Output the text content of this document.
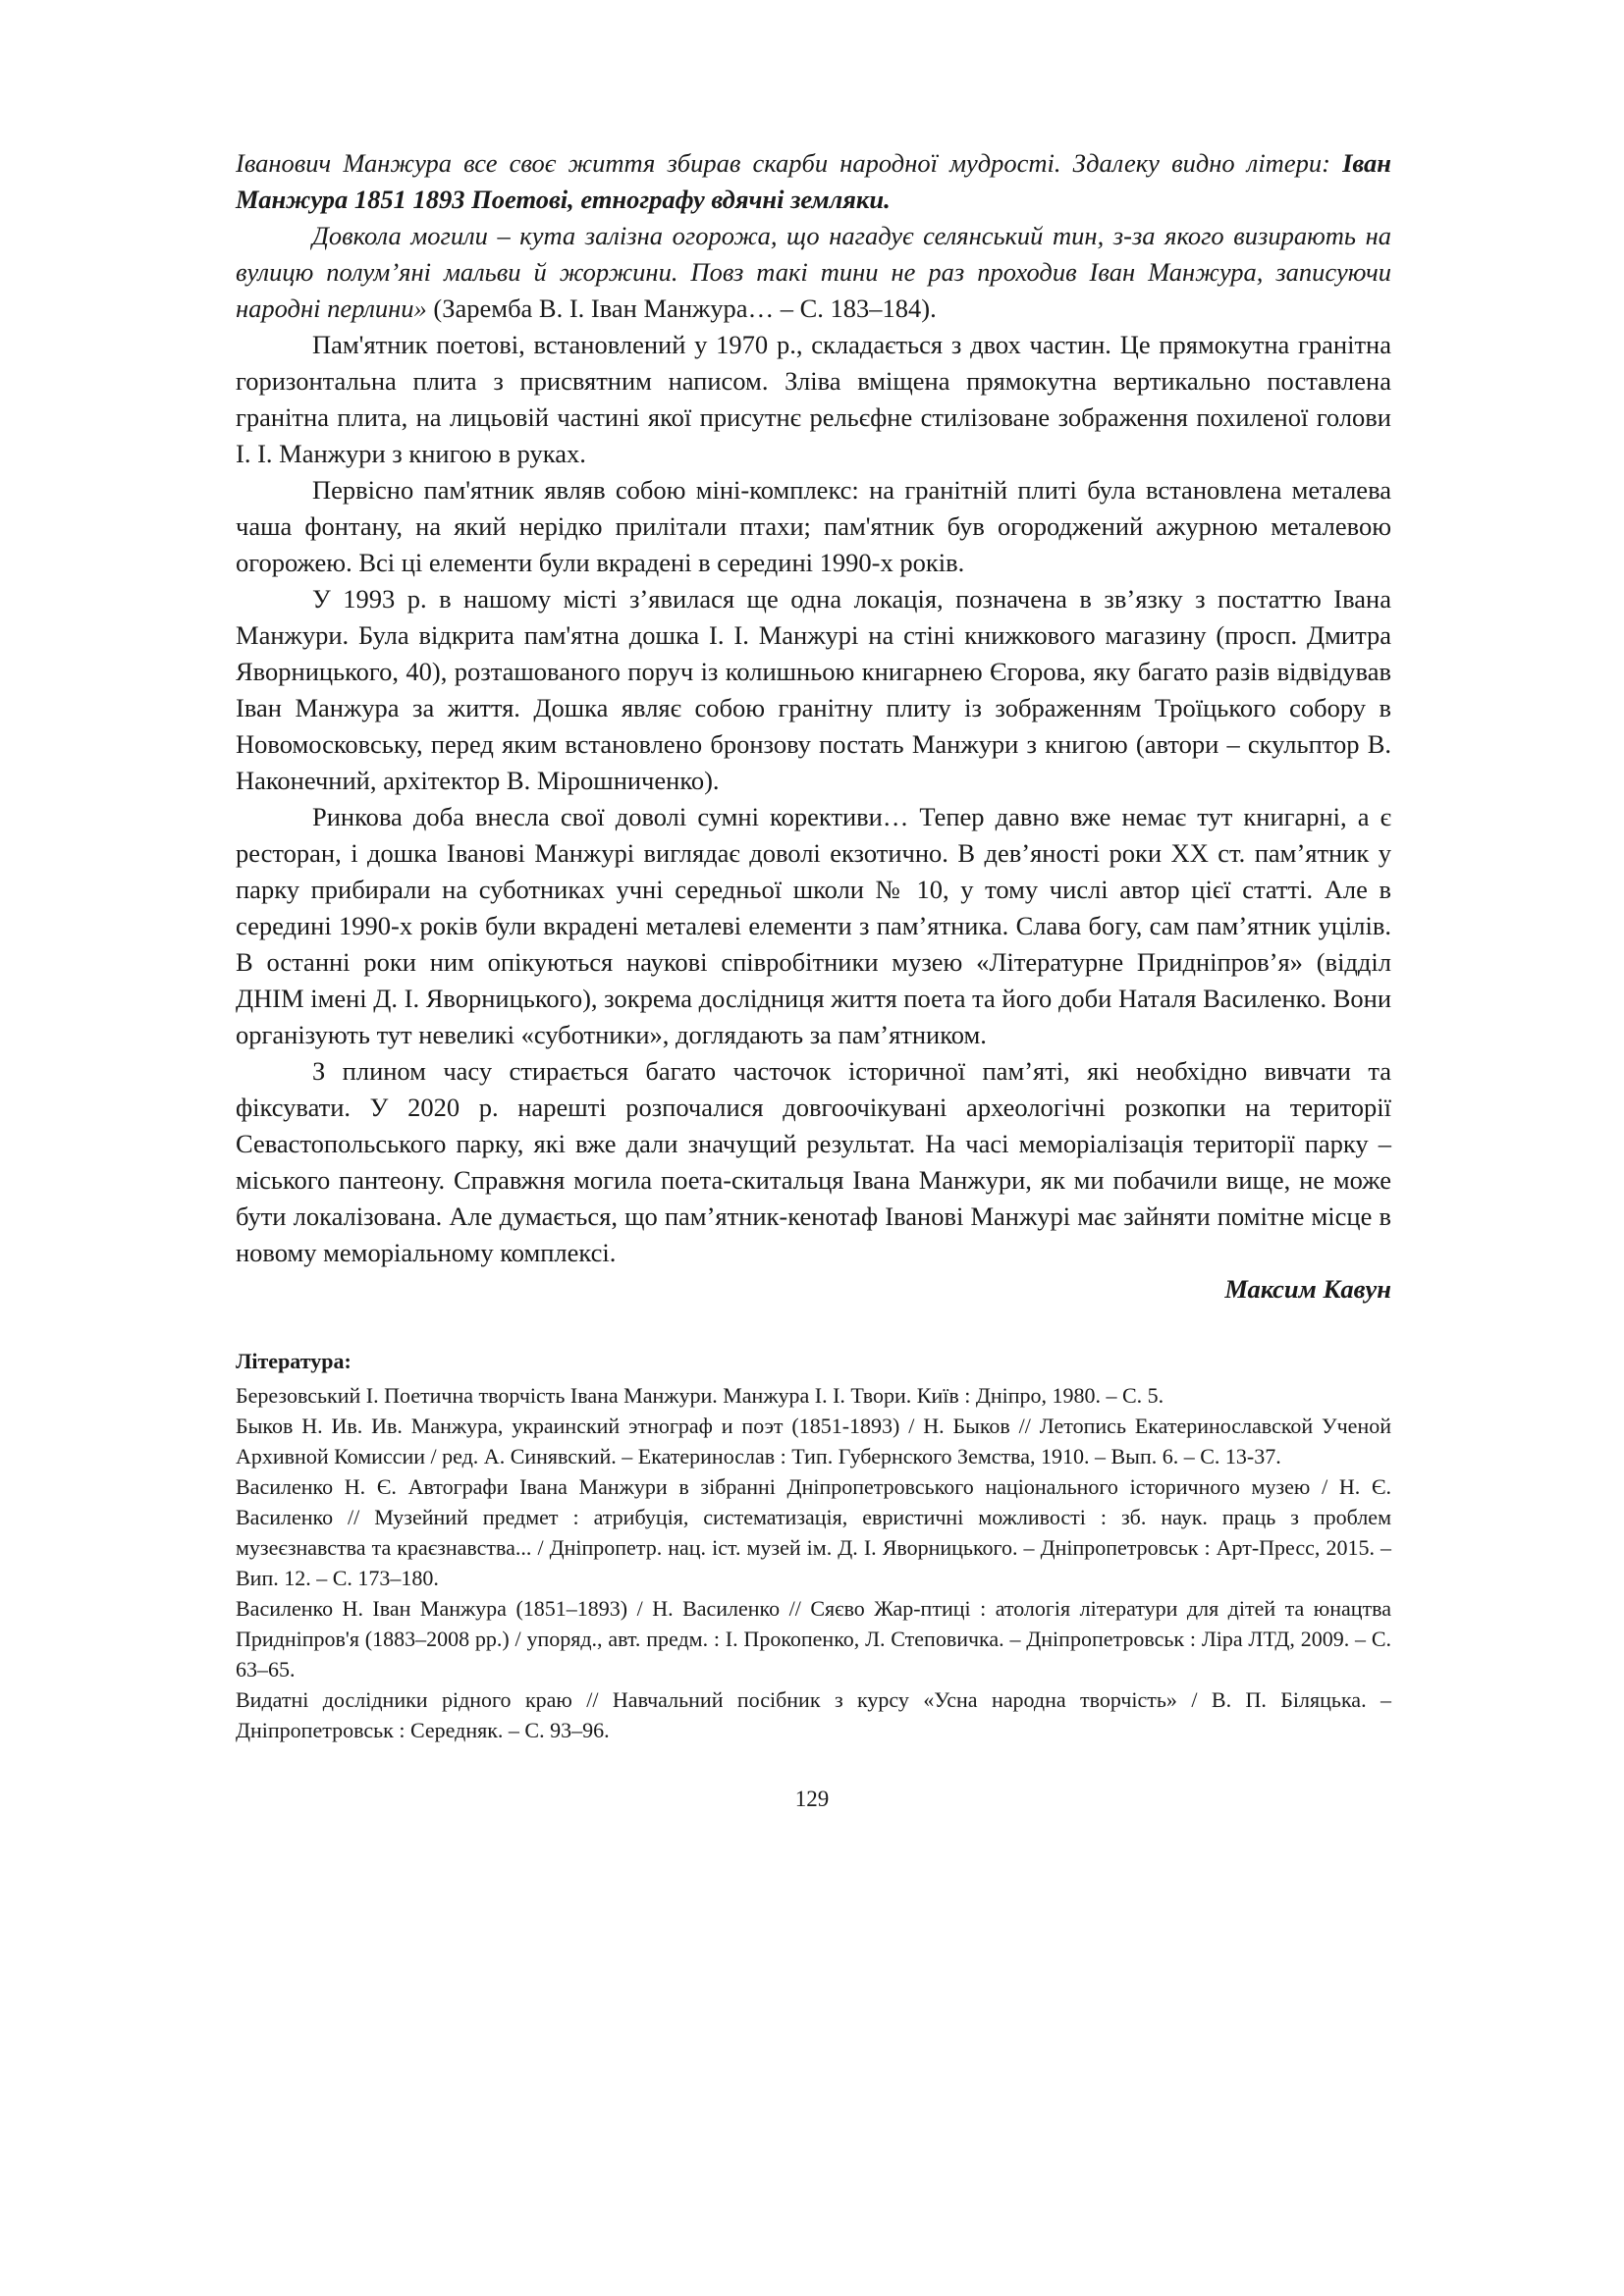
Іванович Манжура все своє життя збирав скарби народної мудрості. Здалеку видно літери: Іван Манжура 1851 1893 Поетові, етнографу вдячні земляки.

Довкола могили – кута залізна огорожа, що нагадує селянський тин, з-за якого визирають на вулицю полум’яні мальви й жоржини. Повз такі тини не раз проходив Іван Манжура, записуючи народні перлини» (Заремба В. І. Іван Манжура… – С. 183–184).

Пам'ятник поетові, встановлений у 1970 р., складається з двох частин. Це прямокутна гранітна горизонтальна плита з присвятним написом. Зліва вміщена прямокутна вертикально поставлена гранітна плита, на лицьовій частині якої присутнє рельєфне стилізоване зображення похиленої голови І. І. Манжури з книгою в руках.

Первісно пам'ятник являв собою міні-комплекс: на гранітній плиті була встановлена металева чаша фонтану, на який нерідко прилітали птахи; пам'ятник був огороджений ажурною металевою огорожею. Всі ці елементи були вкрадені в середині 1990-х років.

У 1993 р. в нашому місті з’явилася ще одна локація, позначена в зв’язку з постаттю Івана Манжури. Була відкрита пам'ятна дошка І. І. Манжурі на стіні книжкового магазину (просп. Дмитра Яворницького, 40), розташованого поруч із колишньою книгарнею Єгорова, яку багато разів відвідував Іван Манжура за життя. Дошка являє собою гранітну плиту із зображенням Троїцького собору в Новомосковську, перед яким встановлено бронзову постать Манжури з книгою (автори – скульптор В. Наконечний, архітектор В. Мірошниченко).

Ринкова доба внесла свої доволі сумні корективи… Тепер давно вже немає тут книгарні, а є ресторан, і дошка Іванові Манжурі виглядає доволі екзотично. В дев’яності роки ХХ ст. пам’ятник у парку прибирали на суботниках учні середньої школи № 10, у тому числі автор цієї статті. Але в середині 1990-х років були вкрадені металеві елементи з пам’ятника. Слава богу, сам пам’ятник уцілів. В останні роки ним опікуються наукові співробітники музею «Літературне Придніпров’я» (відділ ДНІМ імені Д. І. Яворницького), зокрема дослідниця життя поета та його доби Наталя Василенко. Вони організують тут невеликі «суботники», доглядають за пам’ятником.

З плином часу стирається багато часточок історичної пам’яті, які необхідно вивчати та фіксувати. У 2020 р. нарешті розпочалися довгоочікувані археологічні розкопки на території Севастопольського парку, які вже дали значущий результат. На часі меморіалізація території парку – міського пантеону. Справжня могила поета-скитальця Івана Манжури, як ми побачили вище, не може бути локалізована. Але думається, що пам’ятник-кенотаф Іванові Манжурі має зайняти помітне місце в новому меморіальному комплексі.

Максим Кавун

Література:

Березовський І. Поетична творчість Івана Манжури. Манжура І. І. Твори. Київ : Дніпро, 1980. – С. 5.

Быков Н. Ив. Ив. Манжура, украинский этнограф и поэт (1851-1893) / Н. Быков // Летопись Екатеринославской Ученой Архивной Комиссии / ред. А. Синявский. – Екатеринослав : Тип. Губернского Земства, 1910. – Вып. 6. – С. 13-37.

Василенко Н. Є. Автографи Івана Манжури в зібранні Дніпропетровського національного історичного музею / Н. Є. Василенко // Музейний предмет : атрибуція, систематизація, евристичні можливості : зб. наук. праць з проблем музеєзнавства та краєзнавства... / Дніпропетр. нац. іст. музей ім. Д. І. Яворницького. – Дніпропетровськ : Арт-Пресс, 2015. – Вип. 12. – С. 173–180.

Василенко Н. Іван Манжура (1851–1893) / Н. Василенко // Сяєво Жар-птиці : атологія літератури для дітей та юнацтва Придніпров'я (1883–2008 рр.) / упоряд., авт. предм. : І. Прокопенко, Л. Степовичка. – Дніпропетровськ : Ліра ЛТД, 2009. – С. 63–65.

Видатні дослідники рідного краю // Навчальний посібник з курсу «Усна народна творчість» / В. П. Біляцька. – Дніпропетровськ : Середняк. – С. 93–96.

129
